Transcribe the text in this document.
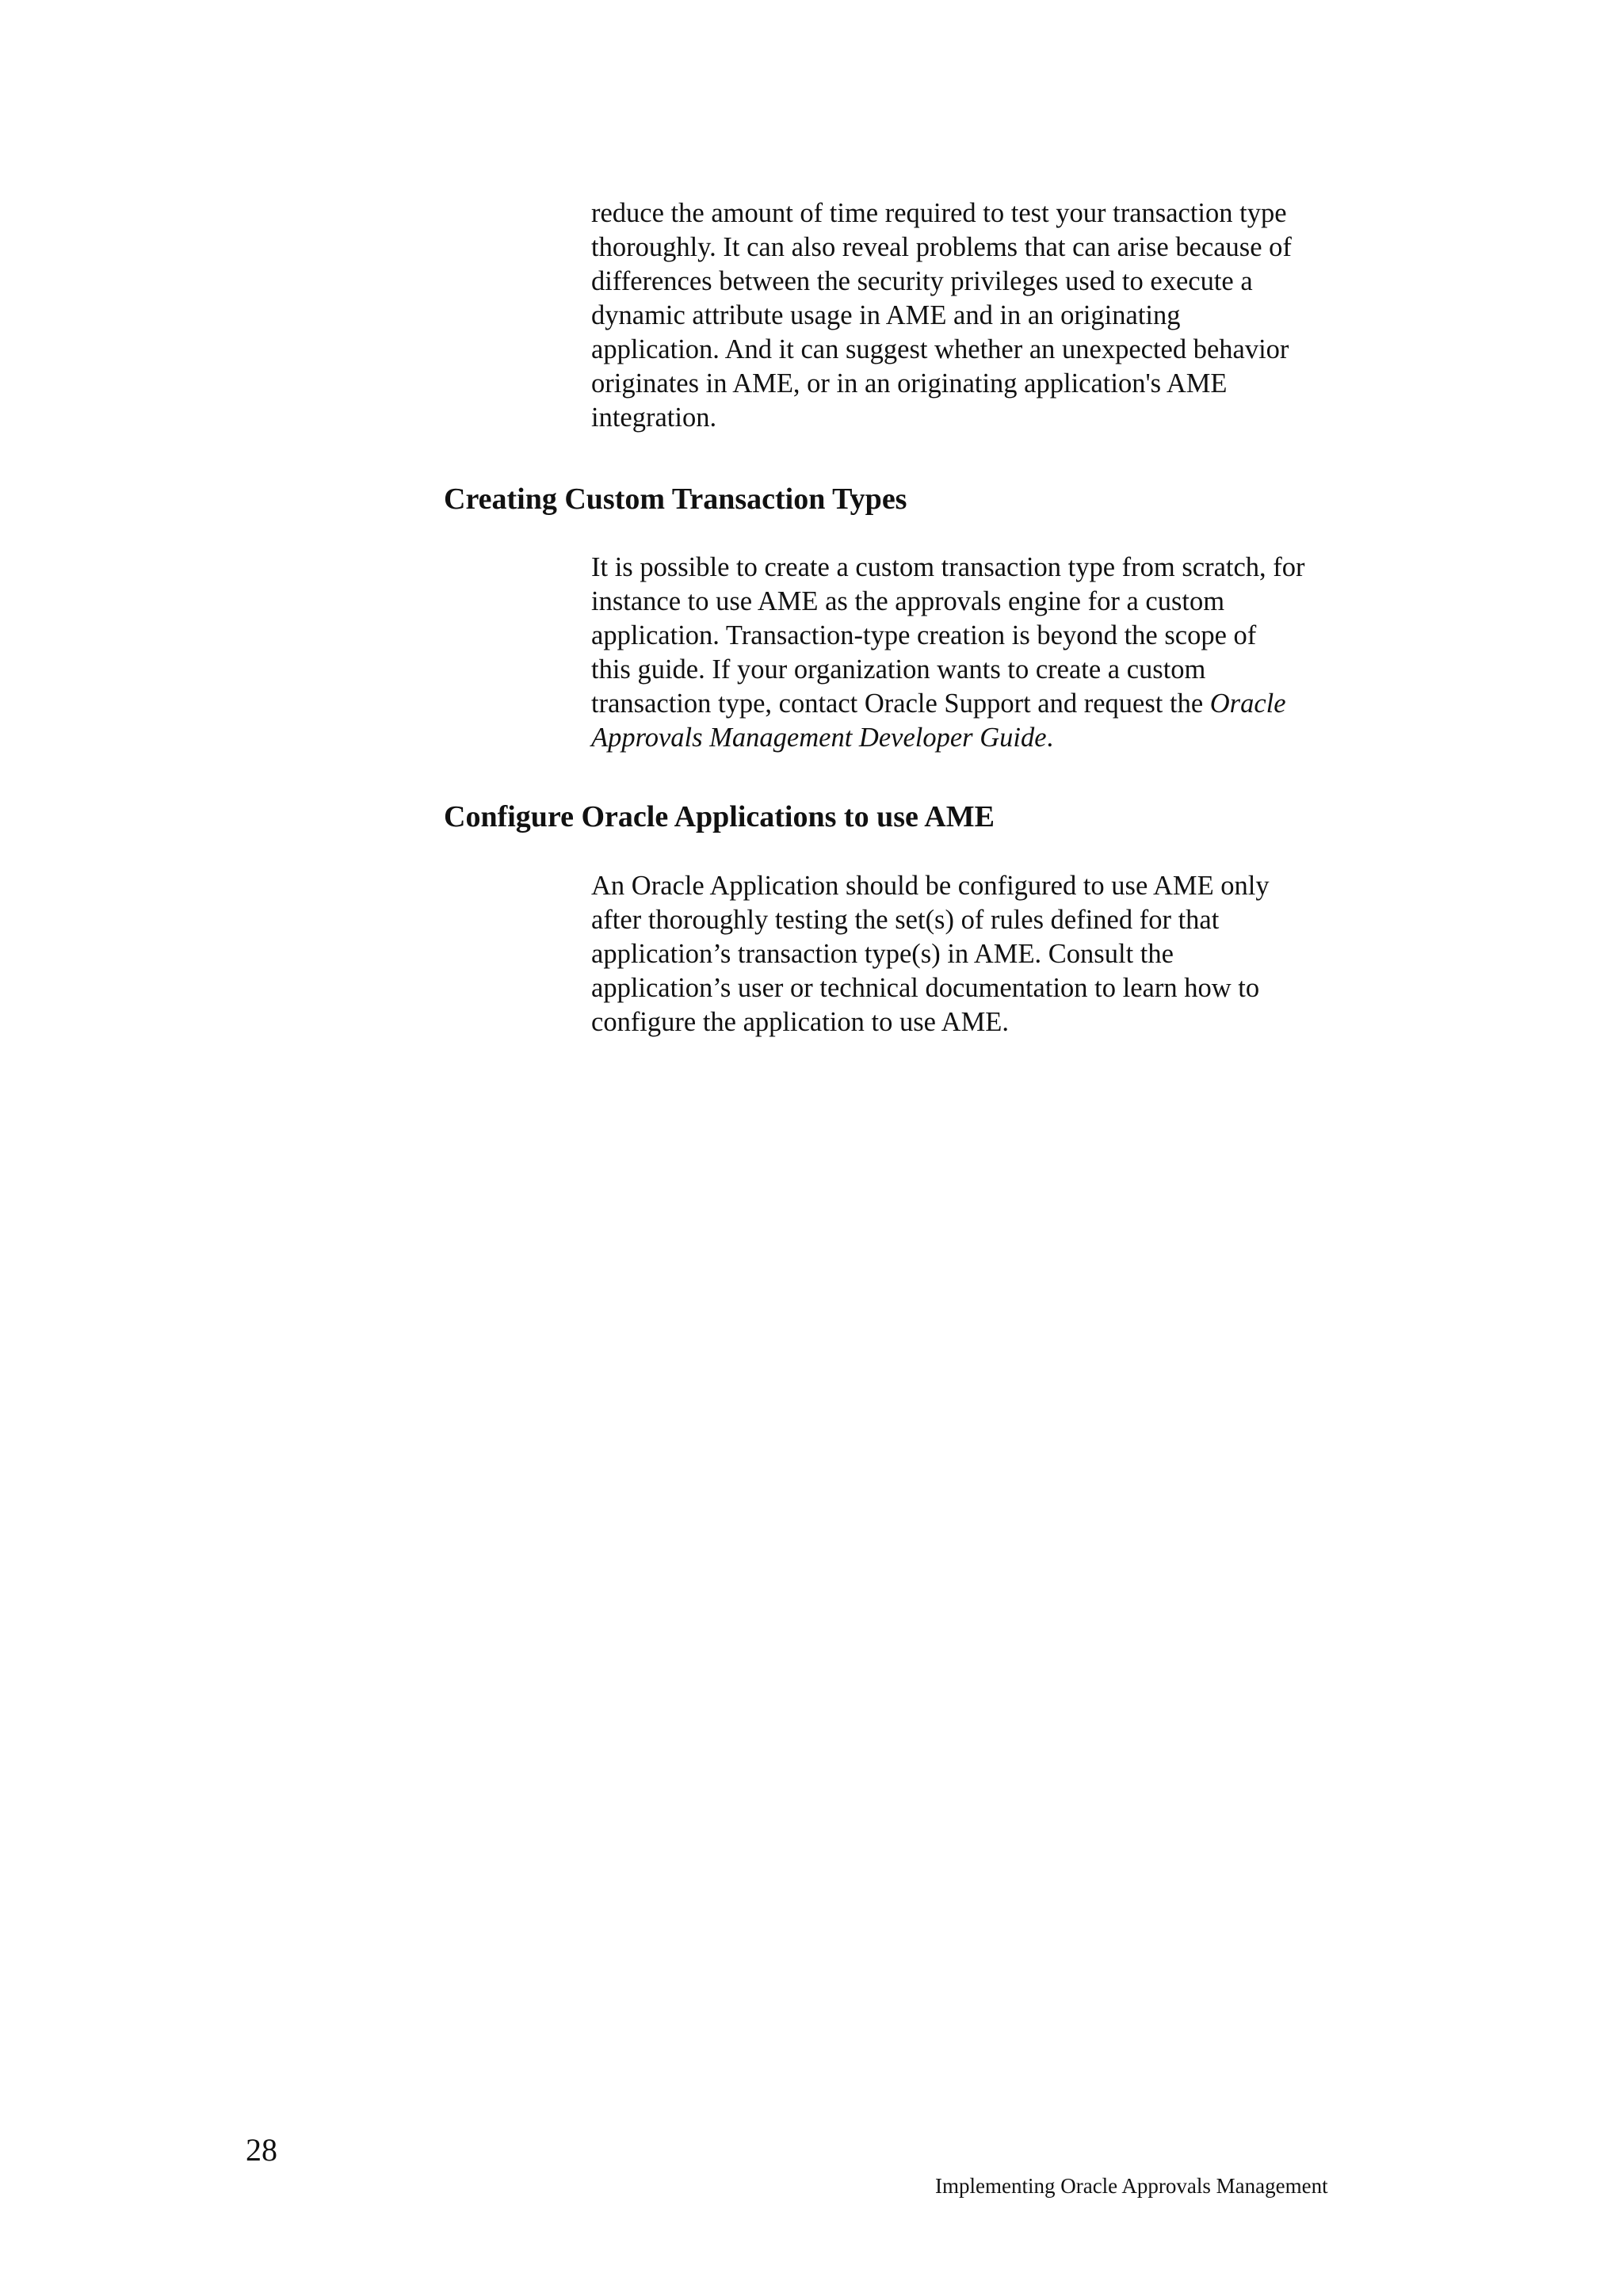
reduce the amount of time required to test your transaction type
thoroughly. It can also reveal problems that can arise because of
differences between the security privileges used to execute a
dynamic attribute usage in AME and in an originating
application. And it can suggest whether an unexpected behavior
originates in AME, or in an originating application's AME
integration.

Creating Custom Transaction Types

It is possible to create a custom transaction type from scratch, for
instance to use AME as the approvals engine for a custom
application. Transaction-type creation is beyond the scope of
this guide. If your organization wants to create a custom
transaction type, contact Oracle Support and request the Oracle
Approvals Management Developer Guide.

Configure Oracle Applications to use AME

An Oracle Application should be configured to use AME only
after thoroughly testing the set(s) of rules defined for that
application’s transaction type(s) in AME. Consult the
application’s user or technical documentation to learn how to
configure the application to use AME.

28

Implementing Oracle Approvals Management
